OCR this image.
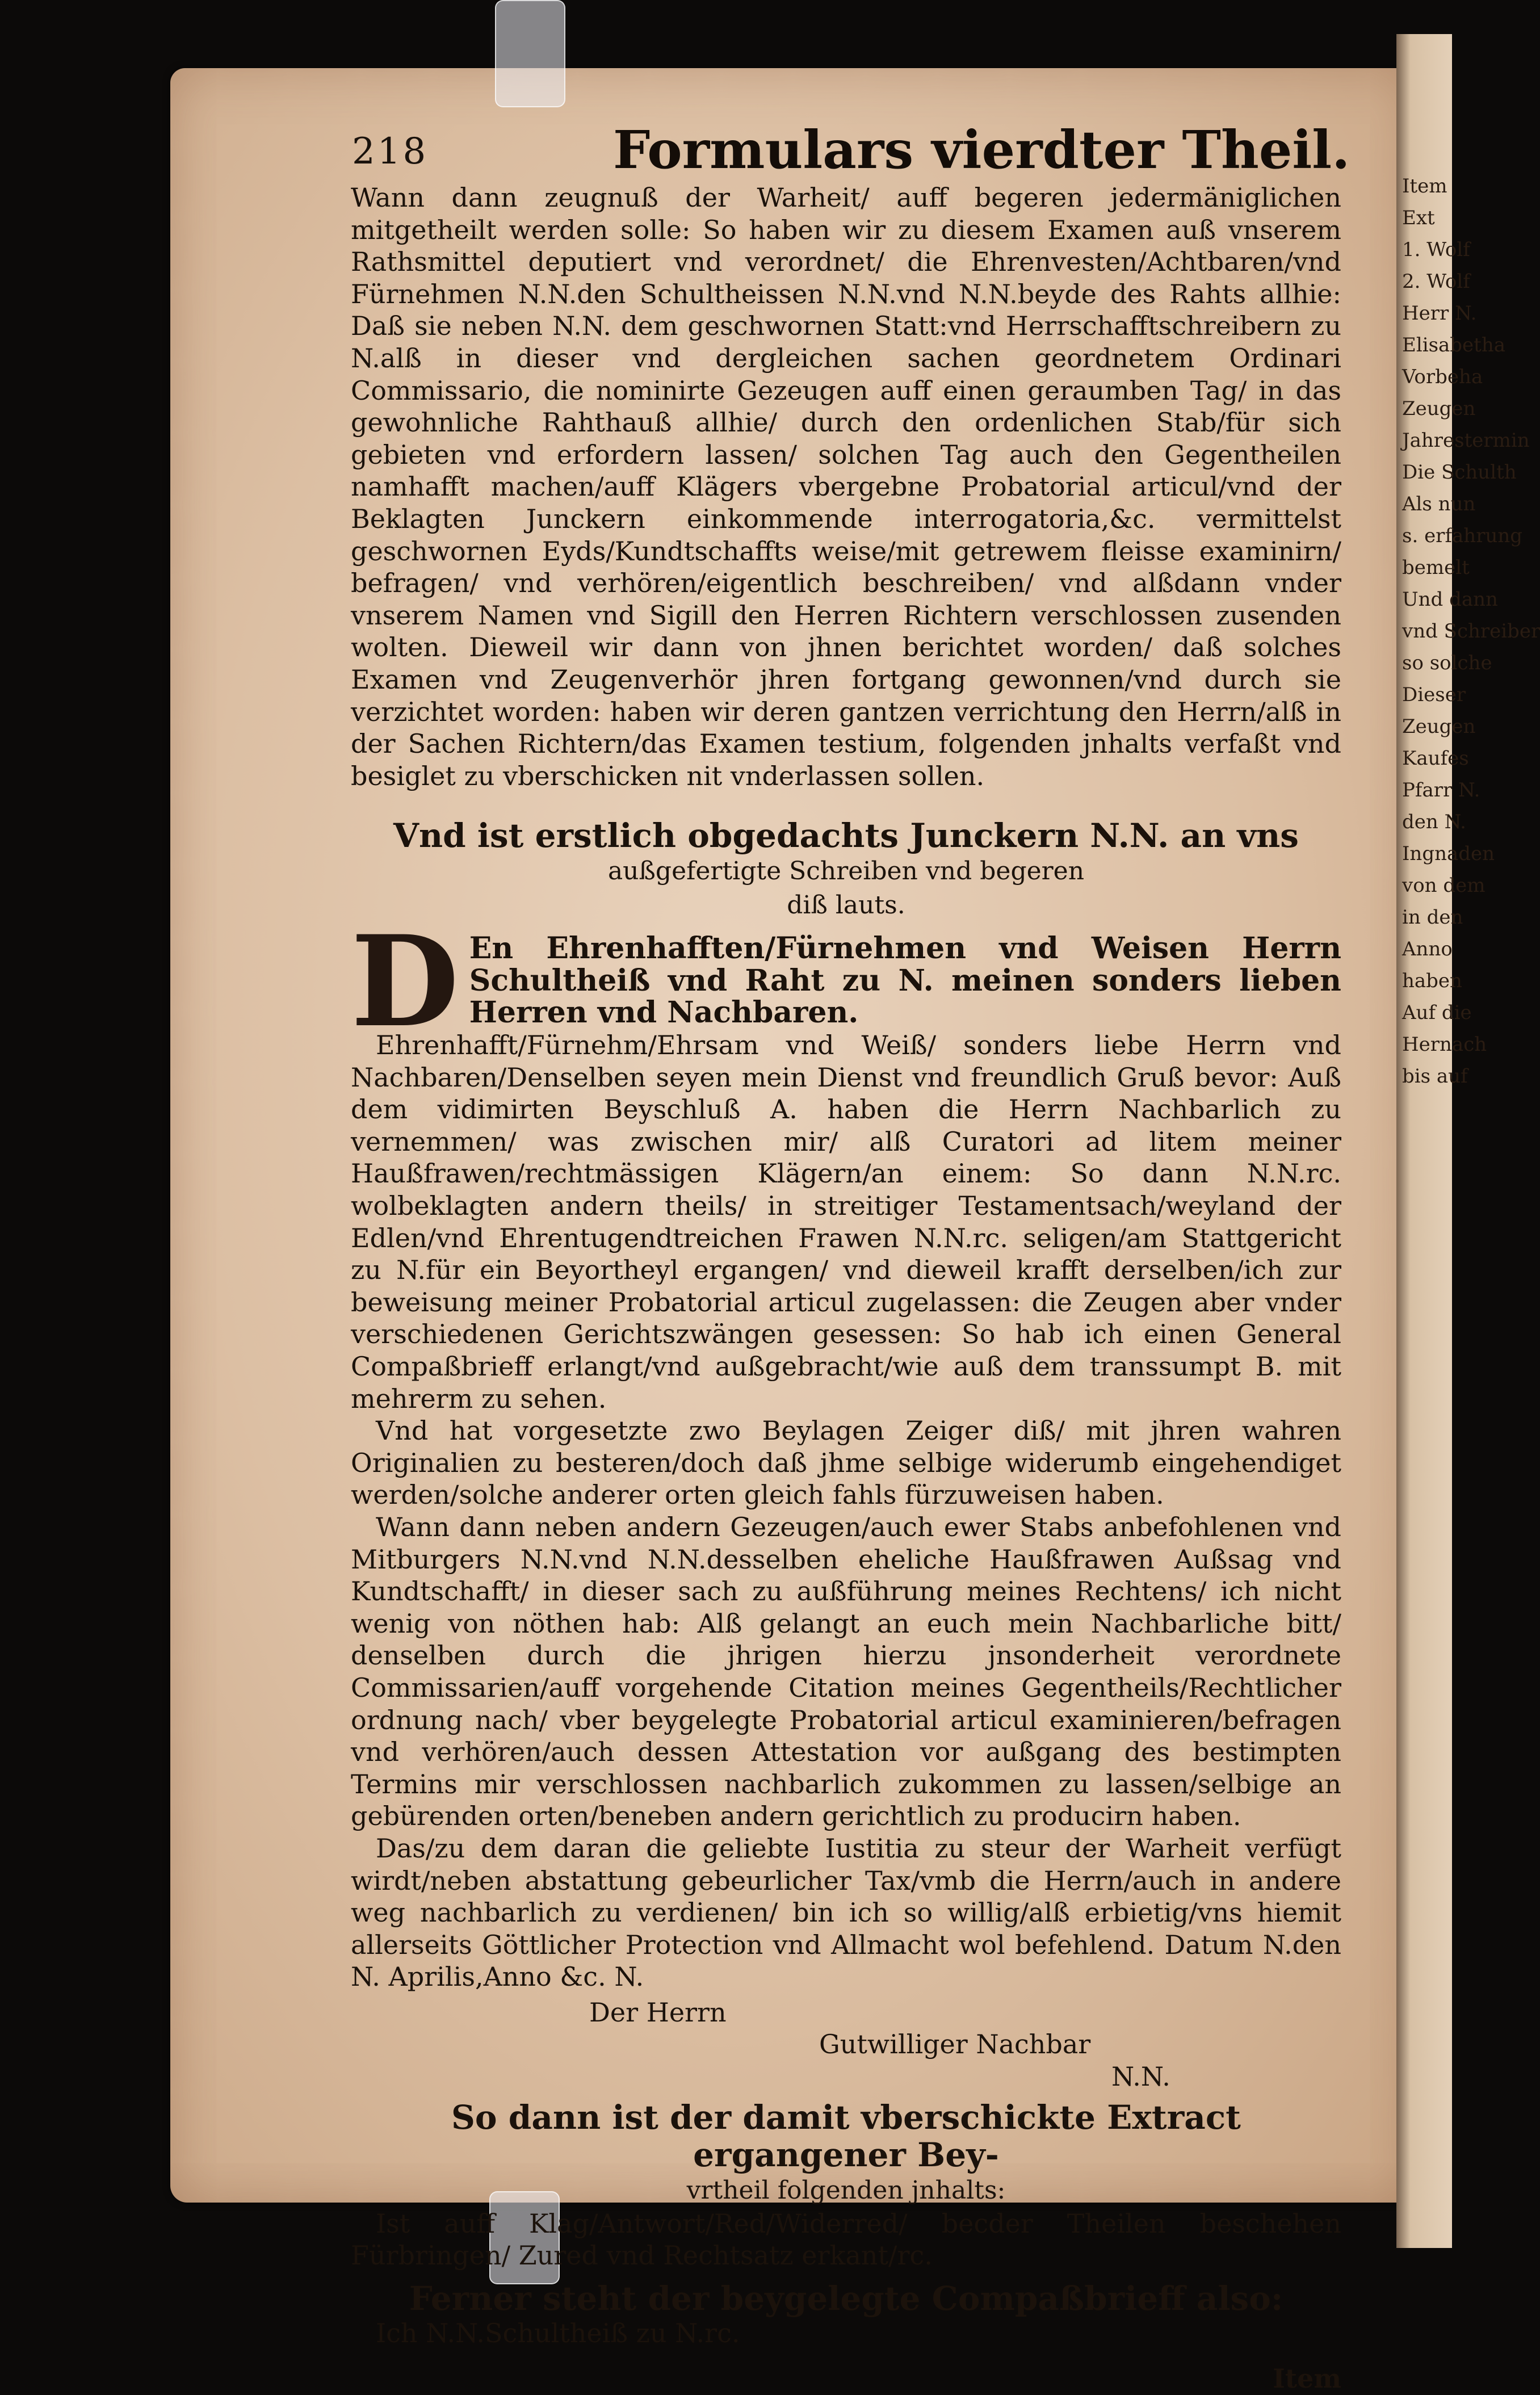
Item
Ext
1. Wolf
2. Wolf
Herr N.
Elisabetha
Vorbeha
Zeugen
Jahrestermin
Die Schulth
Als nun
s. erfahrung
bemelt
Und dann
vnd Schreiber
so solche
Dieser
Zeugen
Kaufes
Pfarr N.
den N.
Ingnaden
von dem
in den
Anno
haben
Auf die
Hernach
bis auf
218	Formulars vierdter Theil.

Wann dann zeugnuß der Warheit/ auff begeren jedermäniglichen mitgetheilt werden solle: So haben wir zu diesem Examen auß vnserem Rathsmittel deputiert vnd verordnet/ die Ehrenvesten/Achtbaren/vnd Fürnehmen N.N.den Schultheissen N.N.vnd N.N.beyde des Rahts allhie: Daß sie neben N.N. dem geschwornen Statt:vnd Herrschafftschreibern zu N.alß in dieser vnd dergleichen sachen geordnetem Ordinari Commissario, die nominirte Gezeugen auff einen geraumben Tag/ in das gewohnliche Rahthauß allhie/ durch den ordenlichen Stab/für sich gebieten vnd erfordern lassen/ solchen Tag auch den Gegentheilen namhafft machen/auff Klägers vbergebne Probatorial articul/vnd der Beklagten Junckern einkommende interrogatoria,&c. vermittelst geschwornen Eyds/Kundtschaffts weise/mit getrewem fleisse examinirn/ befragen/ vnd verhören/eigentlich beschreiben/ vnd alßdann vnder vnserem Namen vnd Sigill den Herren Richtern verschlossen zusenden wolten. Dieweil wir dann von jhnen berichtet worden/ daß solches Examen vnd Zeugenverhör jhren fortgang gewonnen/vnd durch sie verzichtet worden: haben wir deren gantzen verrichtung den Herrn/alß in der Sachen Richtern/das Examen testium, folgenden jnhalts verfaßt vnd besiglet zu vberschicken nit vnderlassen sollen.

Vnd ist erstlich obgedachts Junckern N.N. an vns

außgefertigte Schreiben vnd begeren

diß lauts.

D En Ehrenhafften/Fürnehmen vnd Weisen Herrn Schultheiß vnd Raht zu N. meinen sonders lieben Herren vnd Nachbaren.

Ehrenhafft/Fürnehm/Ehrsam vnd Weiß/ sonders liebe Herrn vnd Nachbaren/Denselben seyen mein Dienst vnd freundlich Gruß bevor: Auß dem vidimirten Beyschluß A. haben die Herrn Nachbarlich zu vernemmen/ was zwischen mir/ alß Curatori ad litem meiner Haußfrawen/rechtmässigen Klägern/an einem: So dann N.N.rc. wolbeklagten andern theils/ in streitiger Testamentsach/weyland der Edlen/vnd Ehrentugendtreichen Frawen N.N.rc. seligen/am Stattgericht zu N.für ein Beyortheyl ergangen/ vnd dieweil krafft derselben/ich zur beweisung meiner Probatorial articul zugelassen: die Zeugen aber vnder verschiedenen Gerichtszwängen gesessen: So hab ich einen General Compaßbrieff erlangt/vnd außgebracht/wie auß dem transsumpt B. mit mehrerm zu sehen.

Vnd hat vorgesetzte zwo Beylagen Zeiger diß/ mit jhren wahren Originalien zu besteren/doch daß jhme selbige widerumb eingehendiget werden/solche anderer orten gleich fahls fürzuweisen haben.

Wann dann neben andern Gezeugen/auch ewer Stabs anbefohlenen vnd Mitburgers N.N.vnd N.N.desselben eheliche Haußfrawen Außsag vnd Kundtschafft/ in dieser sach zu außführung meines Rechtens/ ich nicht wenig von nöthen hab: Alß gelangt an euch mein Nachbarliche bitt/ denselben durch die jhrigen hierzu jnsonderheit verordnete Commissarien/auff vorgehende Citation meines Gegentheils/Rechtlicher ordnung nach/ vber beygelegte Probatorial articul examinieren/befragen vnd verhören/auch dessen Attestation vor außgang des bestimpten Termins mir verschlossen nachbarlich zukommen zu lassen/selbige an gebürenden orten/beneben andern gerichtlich zu producirn haben.

Das/zu dem daran die geliebte Iustitia zu steur der Warheit verfügt wirdt/neben abstattung gebeurlicher Tax/vmb die Herrn/auch in andere weg nachbarlich zu verdienen/ bin ich so willig/alß erbietig/vns hiemit allerseits Göttlicher Protection vnd Allmacht wol befehlend. Datum N.den N. Aprilis,Anno &c. N.

Der Herrn

Gutwilliger Nachbar

N.N.

So dann ist der damit vberschickte Extract ergangener Bey-

vrtheil folgenden jnhalts:

Ist auff Klag/Antwort/Red/Widerred/ becder Theilen beschehen Fürbringen/ Zured vnd Rechtsatz erkant/rc.

Ferner steht der beygelegte Compaßbrieff also:

Ich N.N.Schultheiß zu N.rc.

Item
